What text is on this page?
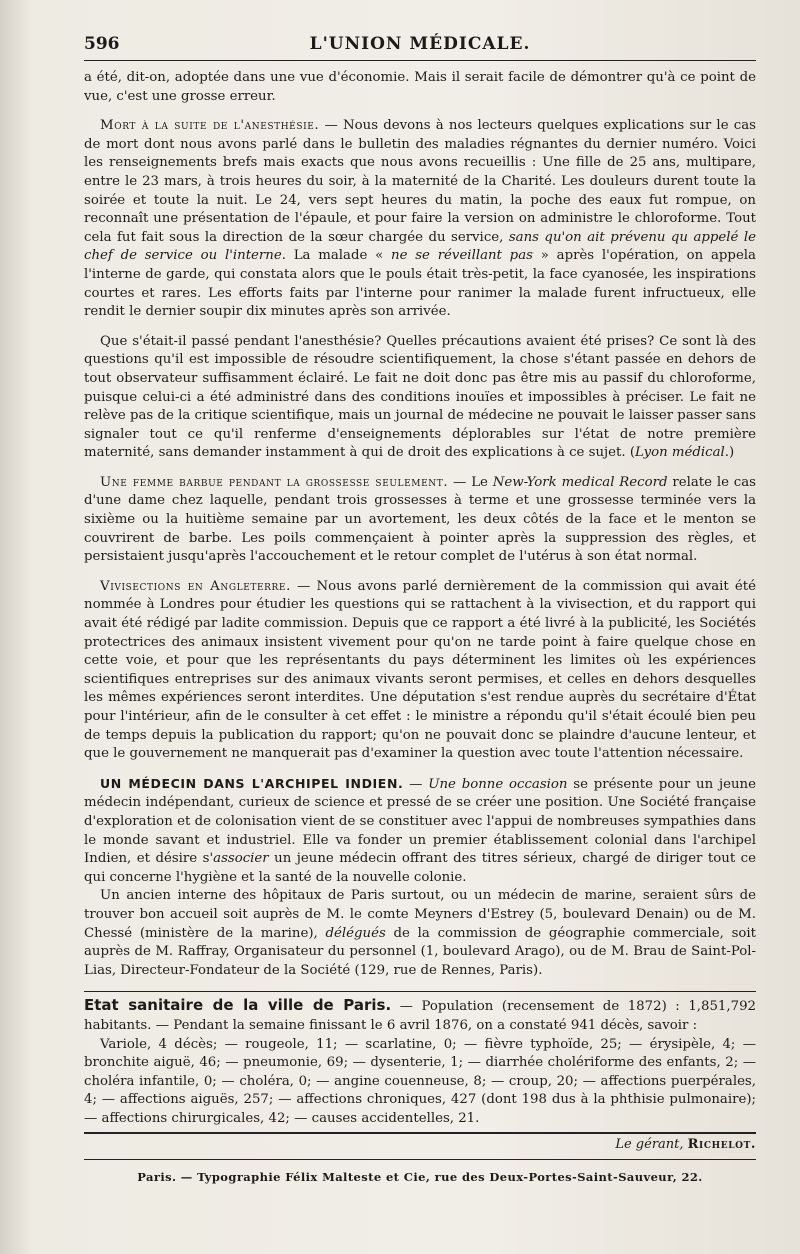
596	L'UNION MÉDICALE.

a été, dit-on, adoptée dans une vue d'économie. Mais il serait facile de démontrer qu'à ce point de vue, c'est une grosse erreur.

Mort à la suite de l'anesthésie. — Nous devons à nos lecteurs quelques explications sur le cas de mort dont nous avons parlé dans le bulletin des maladies régnantes du dernier numéro. Voici les renseignements brefs mais exacts que nous avons recueillis : Une fille de 25 ans, multipare, entre le 23 mars, à trois heures du soir, à la maternité de la Charité. Les douleurs durent toute la soirée et toute la nuit. Le 24, vers sept heures du matin, la poche des eaux fut rompue, on reconnaît une présentation de l'épaule, et pour faire la version on administre le chloroforme. Tout cela fut fait sous la direction de la sœur chargée du service, sans qu'on ait prévenu qu appelé le chef de service ou l'interne. La malade « ne se réveillant pas » après l'opération, on appela l'interne de garde, qui constata alors que le pouls était très-petit, la face cyanosée, les inspirations courtes et rares. Les efforts faits par l'interne pour ranimer la malade furent infructueux, elle rendit le dernier soupir dix minutes après son arrivée.

Que s'était-il passé pendant l'anesthésie? Quelles précautions avaient été prises? Ce sont là des questions qu'il est impossible de résoudre scientifiquement, la chose s'étant passée en dehors de tout observateur suffisamment éclairé. Le fait ne doit donc pas être mis au passif du chloroforme, puisque celui-ci a été administré dans des conditions inouïes et impossibles à préciser. Le fait ne relève pas de la critique scientifique, mais un journal de médecine ne pouvait le laisser passer sans signaler tout ce qu'il renferme d'enseignements déplorables sur l'état de notre première maternité, sans demander instamment à qui de droit des explications à ce sujet. (Lyon médical.)

Une femme barbue pendant la grossesse seulement. — Le New-York medical Record relate le cas d'une dame chez laquelle, pendant trois grossesses à terme et une grossesse terminée vers la sixième ou la huitième semaine par un avortement, les deux côtés de la face et le menton se couvrirent de barbe. Les poils commençaient à pointer après la suppression des règles, et persistaient jusqu'après l'accouchement et le retour complet de l'utérus à son état normal.

Vivisections en Angleterre. — Nous avons parlé dernièrement de la commission qui avait été nommée à Londres pour étudier les questions qui se rattachent à la vivisection, et du rapport qui avait été rédigé par ladite commission. Depuis que ce rapport a été livré à la publicité, les Sociétés protectrices des animaux insistent vivement pour qu'on ne tarde point à faire quelque chose en cette voie, et pour que les représentants du pays déterminent les limites où les expériences scientifiques entreprises sur des animaux vivants seront permises, et celles en dehors desquelles les mêmes expériences seront interdites. Une députation s'est rendue auprès du secrétaire d'État pour l'intérieur, afin de le consulter à cet effet : le ministre a répondu qu'il s'était écoulé bien peu de temps depuis la publication du rapport; qu'on ne pouvait donc se plaindre d'aucune lenteur, et que le gouvernement ne manquerait pas d'examiner la question avec toute l'attention nécessaire.

UN MÉDECIN DANS L'ARCHIPEL INDIEN. — Une bonne occasion se présente pour un jeune médecin indépendant, curieux de science et pressé de se créer une position. Une Société française d'exploration et de colonisation vient de se constituer avec l'appui de nombreuses sympathies dans le monde savant et industriel. Elle va fonder un premier établissement colonial dans l'archipel Indien, et désire s'associer un jeune médecin offrant des titres sérieux, chargé de diriger tout ce qui concerne l'hygiène et la santé de la nouvelle colonie.

Un ancien interne des hôpitaux de Paris surtout, ou un médecin de marine, seraient sûrs de trouver bon accueil soit auprès de M. le comte Meyners d'Estrey (5, boulevard Denain) ou de M. Chessé (ministère de la marine), délégués de la commission de géographie commerciale, soit auprès de M. Raffray, Organisateur du personnel (1, boulevard Arago), ou de M. Brau de Saint-Pol-Lias, Directeur-Fondateur de la Société (129, rue de Rennes, Paris).

Etat sanitaire de la ville de Paris. — Population (recensement de 1872) : 1,851,792 habitants. — Pendant la semaine finissant le 6 avril 1876, on a constaté 941 décès, savoir :
Variole, 4 décès; — rougeole, 11; — scarlatine, 0; — fièvre typhoïde, 25; — érysipèle, 4; — bronchite aiguë, 46; — pneumonie, 69; — dysenterie, 1; — diarrhée cholériforme des enfants, 2; — choléra infantile, 0; — choléra, 0; — angine couenneuse, 8; — croup, 20; — affections puerpérales, 4; — affections aiguës, 257; — affections chroniques, 427 (dont 198 dus à la phthisie pulmonaire); — affections chirurgicales, 42; — causes accidentelles, 21.
Le gérant, Richelot.
Paris. — Typographie Félix Malteste et Cie, rue des Deux-Portes-Saint-Sauveur, 22.
